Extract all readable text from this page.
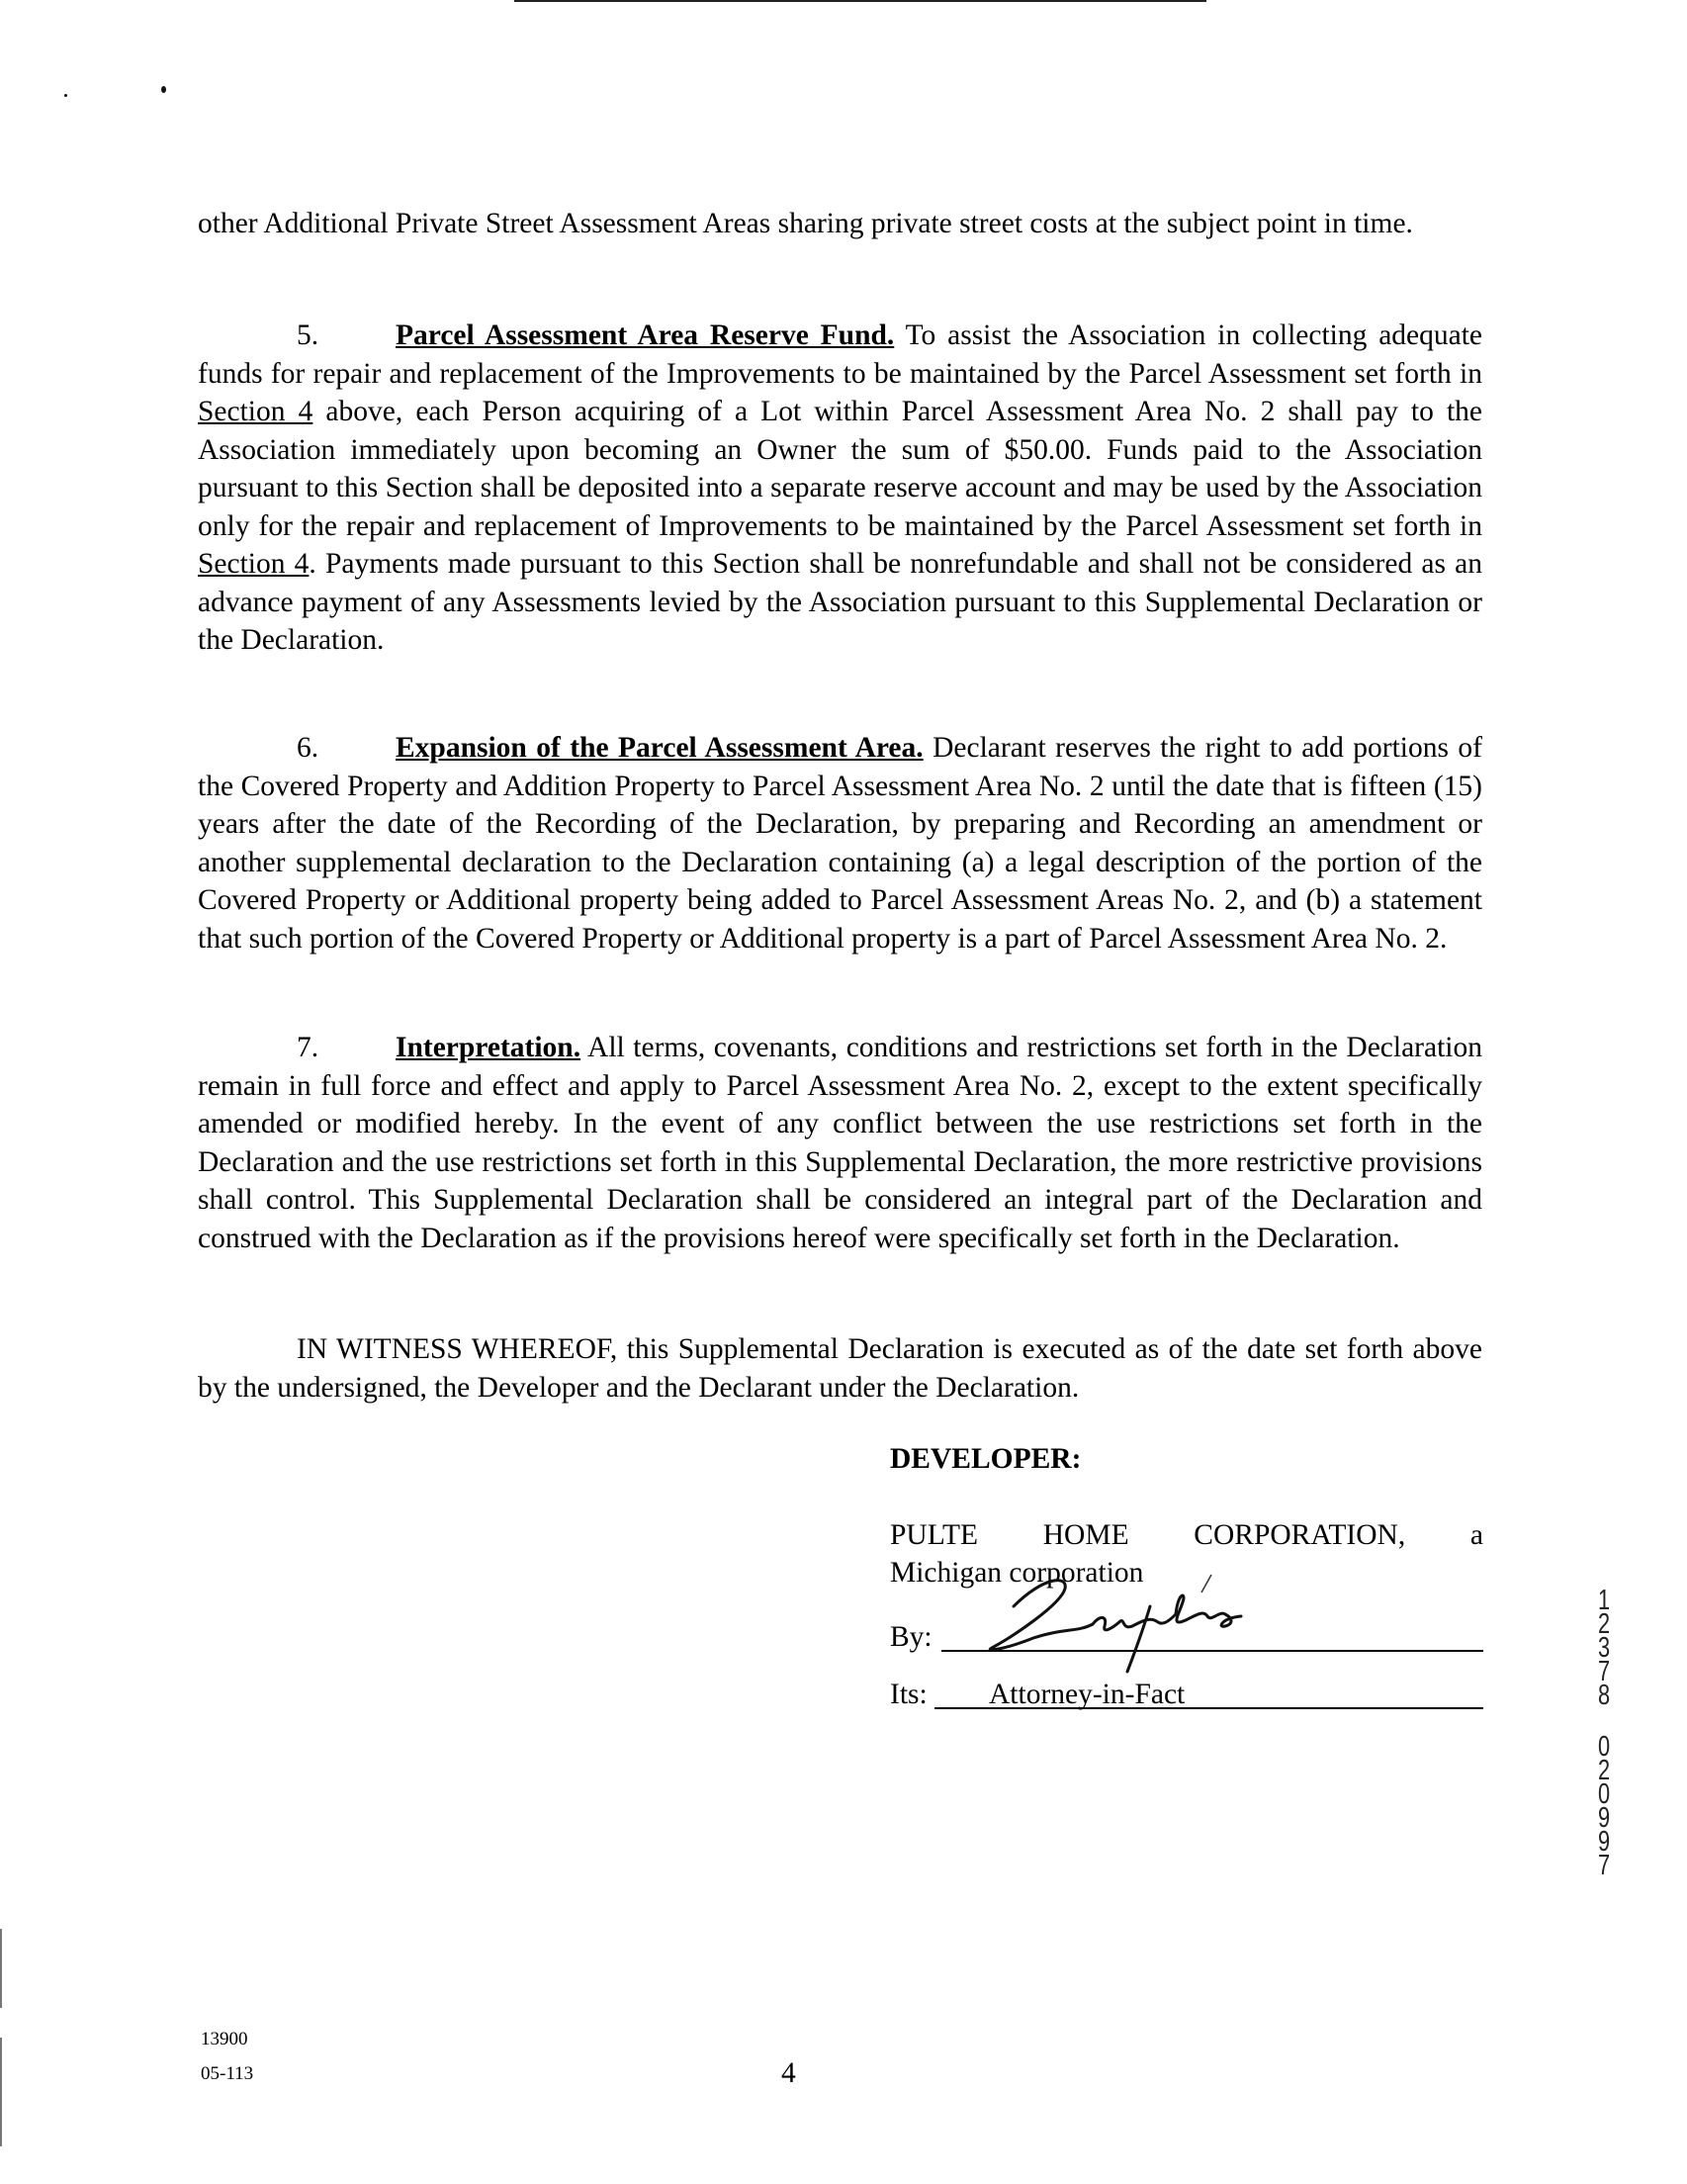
other Additional Private Street Assessment Areas sharing private street costs at the subject point in time.

5.	Parcel Assessment Area Reserve Fund. To assist the Association in collecting adequate funds for repair and replacement of the Improvements to be maintained by the Parcel Assessment set forth in Section 4 above, each Person acquiring of a Lot within Parcel Assessment Area No. 2 shall pay to the Association immediately upon becoming an Owner the sum of $50.00. Funds paid to the Association pursuant to this Section shall be deposited into a separate reserve account and may be used by the Association only for the repair and replacement of Improvements to be maintained by the Parcel Assessment set forth in Section 4. Payments made pursuant to this Section shall be nonrefundable and shall not be considered as an advance payment of any Assessments levied by the Association pursuant to this Supplemental Declaration or the Declaration.

6.	Expansion of the Parcel Assessment Area. Declarant reserves the right to add portions of the Covered Property and Addition Property to Parcel Assessment Area No. 2 until the date that is fifteen (15) years after the date of the Recording of the Declaration, by preparing and Recording an amendment or another supplemental declaration to the Declaration containing (a) a legal description of the portion of the Covered Property or Additional property being added to Parcel Assessment Areas No. 2, and (b) a statement that such portion of the Covered Property or Additional property is a part of Parcel Assessment Area No. 2.

7.	Interpretation. All terms, covenants, conditions and restrictions set forth in the Declaration remain in full force and effect and apply to Parcel Assessment Area No. 2, except to the extent specifically amended or modified hereby. In the event of any conflict between the use restrictions set forth in the Declaration and the use restrictions set forth in this Supplemental Declaration, the more restrictive provisions shall control. This Supplemental Declaration shall be considered an integral part of the Declaration and construed with the Declaration as if the provisions hereof were specifically set forth in the Declaration.

IN WITNESS WHEREOF, this Supplemental Declaration is executed as of the date set forth above by the undersigned, the Developer and the Declarant under the Declaration.

DEVELOPER:
PULTE HOME CORPORATION, a
Michigan corporation
By:
Its: Attorney-in-Fact
1
2
3
7
8
0
2
0
9
9
7
13900
05-113	4
